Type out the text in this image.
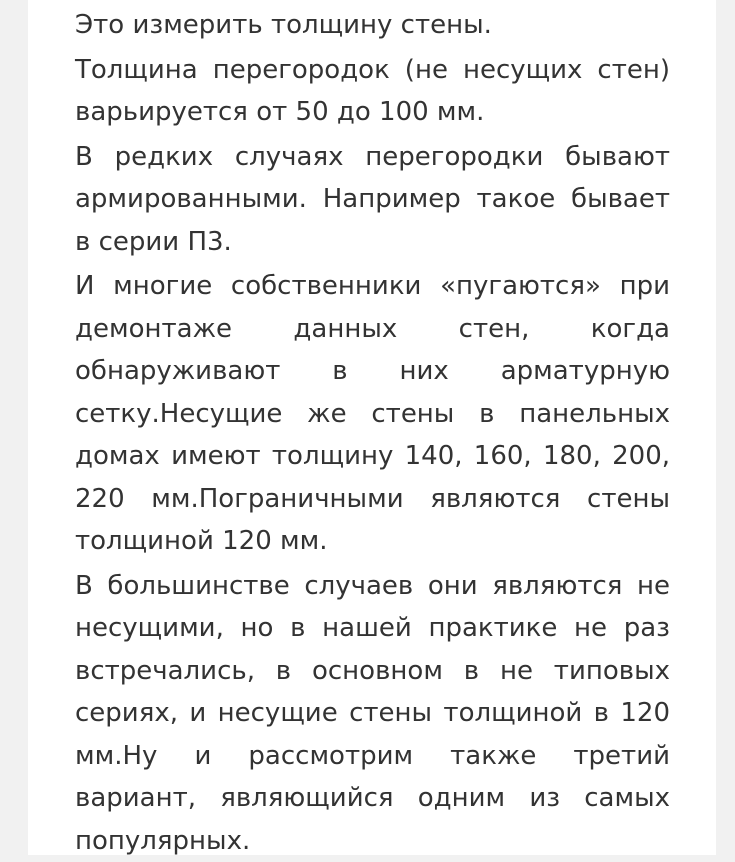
Это измерить толщину стены.

Толщина перегородок (не несущих стен) варьируется от 50 до 100 мм.

В редких случаях перегородки бывают армированными. Например такое бывает в серии П3.

И многие собственники «пугаются» при демонтаже данных стен, когда обнаруживают в них арматурную сетку.Несущие же стены в панельных домах имеют толщину 140, 160, 180, 200, 220 мм.Пограничными являются стены толщиной 120 мм.

В большинстве случаев они являются не несущими, но в нашей практике не раз встречались, в основном в не типовых сериях, и несущие стены толщиной в 120 мм.Ну и рассмотрим также третий вариант, являющийся одним из самых популярных.
